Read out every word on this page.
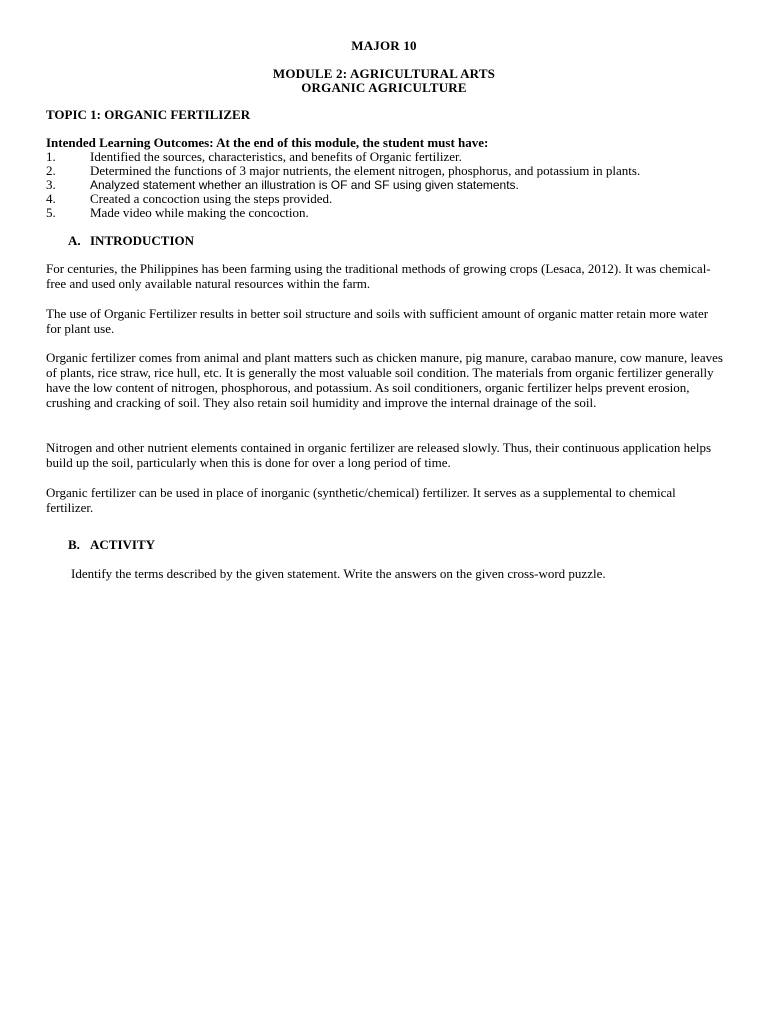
MAJOR 10
MODULE 2: AGRICULTURAL ARTS
ORGANIC AGRICULTURE
TOPIC 1: ORGANIC FERTILIZER
Intended Learning Outcomes: At the end of this module, the student must have:
1.	Identified the sources, characteristics, and benefits of Organic fertilizer.
2.	Determined the functions of 3 major nutrients, the element nitrogen, phosphorus, and potassium in plants.
3.	Analyzed statement whether an illustration is OF and SF using given statements.
4.	Created a concoction using the steps provided.
5.	Made video while making the concoction.
A. INTRODUCTION
For centuries, the Philippines has been farming using the traditional methods of growing crops (Lesaca, 2012). It was chemical-free and used only available natural resources within the farm.
The use of Organic Fertilizer results in better soil structure and soils with sufficient amount of organic matter retain more water for plant use.
Organic fertilizer comes from animal and plant matters such as chicken manure, pig manure, carabao manure, cow manure, leaves of plants, rice straw, rice hull, etc. It is generally the most valuable soil condition. The materials from organic fertilizer generally have the low content of nitrogen, phosphorous, and potassium. As soil conditioners, organic fertilizer helps prevent erosion, crushing and cracking of soil. They also retain soil humidity and improve the internal drainage of the soil.
Nitrogen and other nutrient elements contained in organic fertilizer are released slowly. Thus, their continuous application helps build up the soil, particularly when this is done for over a long period of time.
Organic fertilizer can be used in place of inorganic (synthetic/chemical) fertilizer. It serves as a supplemental to chemical fertilizer.
B. ACTIVITY
Identify the terms described by the given statement. Write the answers on the given cross-word puzzle.
